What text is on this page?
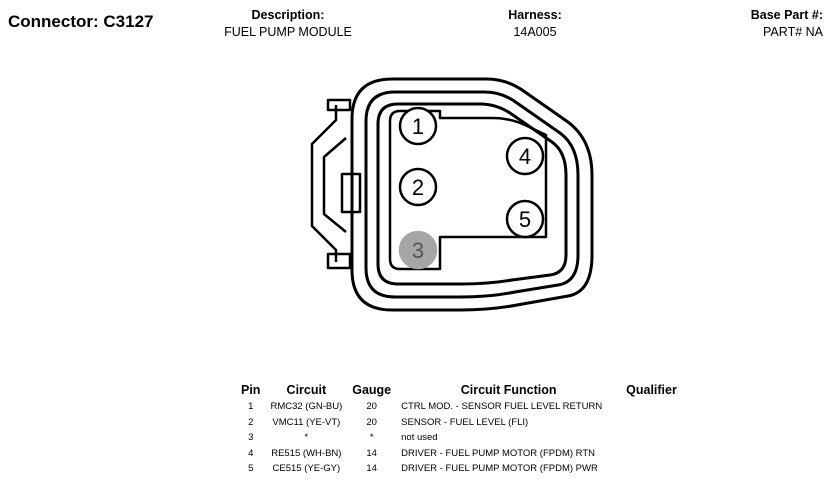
Connector: C3127	Description:
FUEL PUMP MODULE
Harness:
14A005
Base Part #:
PART# NA
1
2
3
4
5
Pin	Circuit	Gauge	Circuit Function	Qualifier
1	RMC32 (GN-BU)	20	CTRL MOD. - SENSOR FUEL LEVEL RETURN	
2	VMC11 (YE-VT)	20	SENSOR - FUEL LEVEL (FLI)	
3	*	*	not used	
4	RE515 (WH-BN)	14	DRIVER - FUEL PUMP MOTOR (FPDM) RTN	
5	CE515 (YE-GY)	14	DRIVER - FUEL PUMP MOTOR (FPDM) PWR	
